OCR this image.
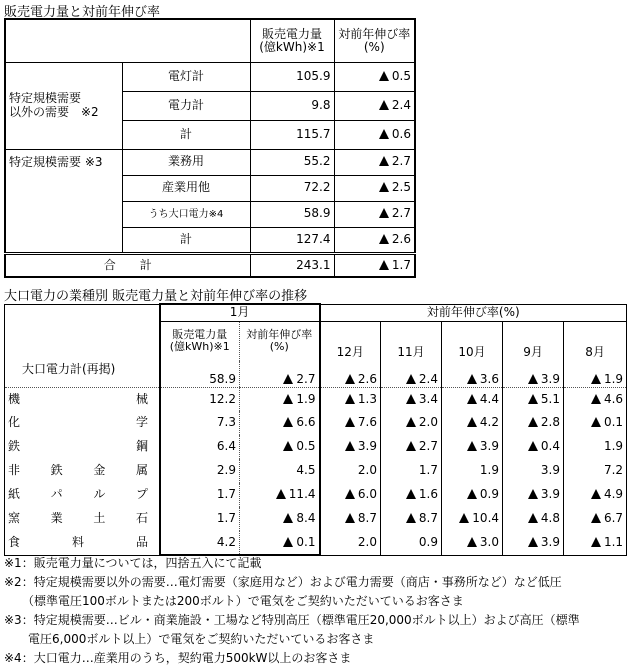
販売電力量と対前年伸び率
		販売電力量
(億kWh)※1	対前年伸び率
(%)
特定規模需要
以外の需要　※2	電灯計	105.9	0.5
	電力計	9.8	2.4
	計	115.7	0.6
特定規模需要 ※3	業務用	55.2	2.7
	産業用他	72.2	2.5
	うち大口電力※4	58.9	2.7
	計	127.4	2.6
合　　計		243.1	1.7
大口電力の業種別 販売電力量と対前年伸び率の推移
	1月		対前年伸び率(%)				
	販売電力量
(億kWh)※1	対前年伸び率
(%)	12月	11月	10月	9月	8月

大口電力計(再掲)	58.9	2.7	2.6	2.4	3.6	3.9	1.9

機 械	12.2	1.9	1.3	3.4	4.4	5.1	4.6

化 学	7.3	6.6	7.6	2.0	4.2	2.8	0.1

鉄 鋼	6.4	0.5	3.9	2.7	3.9	0.4	1.9

非 鉄 金 属	2.9	4.5	2.0	1.7	1.9	3.9	7.2

紙 パ ル プ	1.7	11.4	6.0	1.6	0.9	3.9	4.9

窯 業 土 石	1.7	8.4	8.7	8.7	10.4	4.8	6.7

食 料 品	4.2	0.1	2.0	0.9	3.0	3.9	1.1
※1：販売電力量については，四捨五入にて記載
※2：特定規模需要以外の需要…電灯需要（家庭用など）および電力需要（商店・事務所など）など低圧
　　（標準電圧100ボルトまたは200ボルト）で電気をご契約いただいているお客さま
※3：特定規模需要…ビル・商業施設・工場など特別高圧（標準電圧20,000ボルト以上）および高圧（標準
　　電圧6,000ボルト以上）で電気をご契約いただいているお客さま
※4：大口電力…産業用のうち，契約電力500kW以上のお客さま
